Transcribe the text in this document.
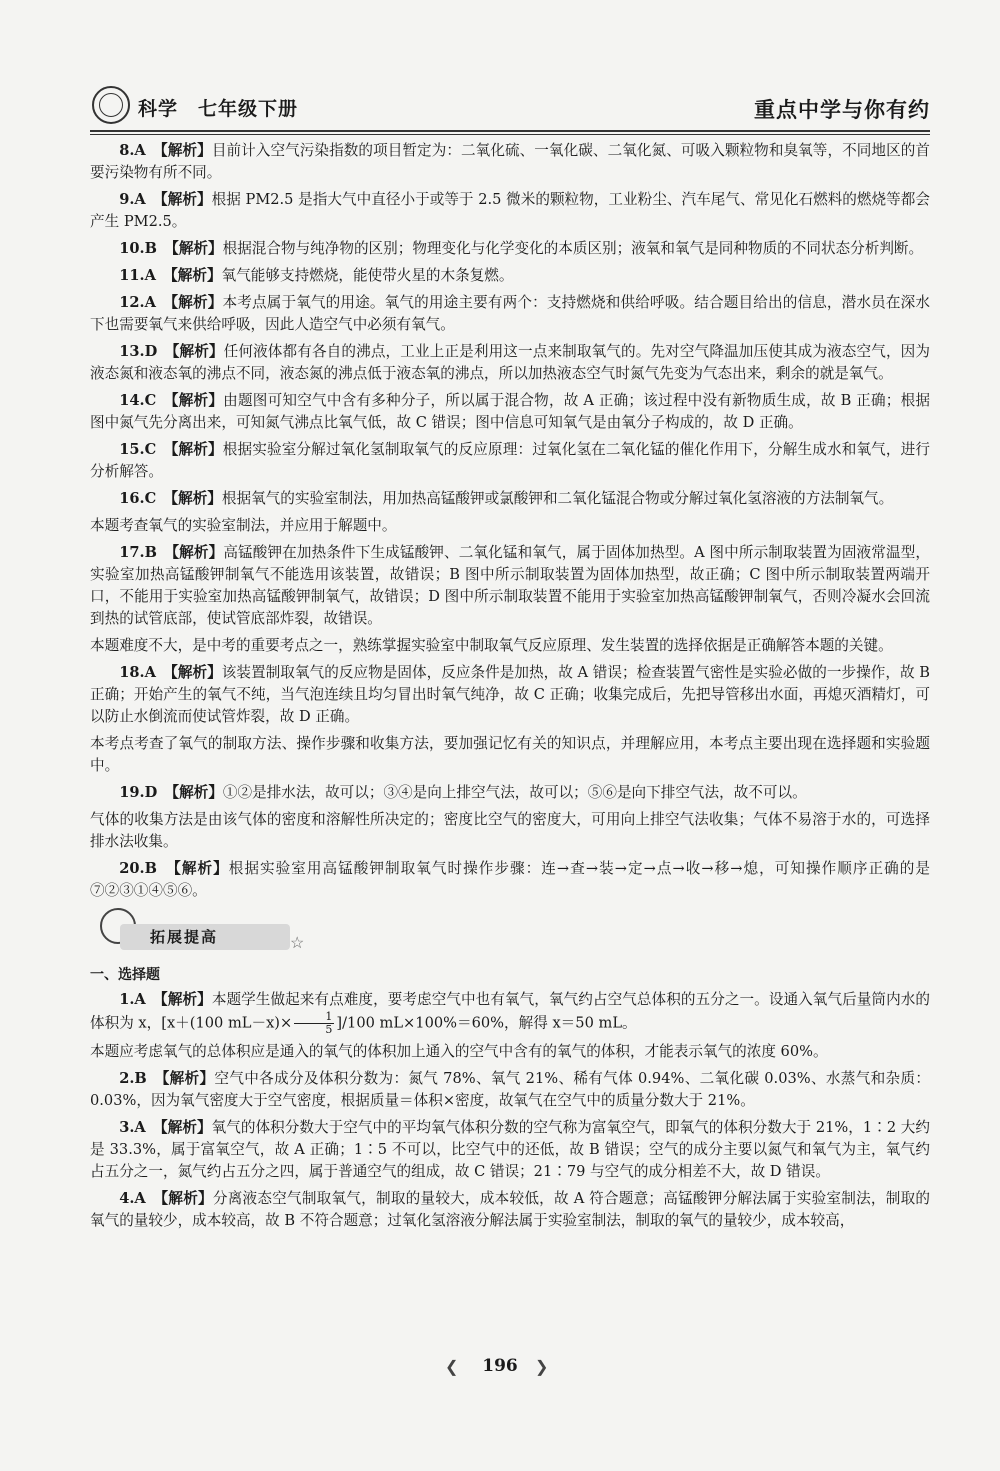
科学　七年级下册	重点中学与你有约

8.A　 【解析】目前计入空气污染指数的项目暂定为：二氧化硫、一氧化碳、二氧化氮、可吸入颗粒物和臭氧等，不同地区的首要污染物有所不同。

9.A　 【解析】根据 PM2.5 是指大气中直径小于或等于 2.5 微米的颗粒物，工业粉尘、汽车尾气、常见化石燃料的燃烧等都会产生 PM2.5。

10.B　 【解析】根据混合物与纯净物的区别；物理变化与化学变化的本质区别；液氧和氧气是同种物质的不同状态分析判断。

11.A　 【解析】氧气能够支持燃烧，能使带火星的木条复燃。

12.A　 【解析】本考点属于氧气的用途。氧气的用途主要有两个：支持燃烧和供给呼吸。结合题目给出的信息，潜水员在深水下也需要氧气来供给呼吸，因此人造空气中必须有氧气。

13.D　 【解析】任何液体都有各自的沸点，工业上正是利用这一点来制取氧气的。先对空气降温加压使其成为液态空气，因为液态氮和液态氧的沸点不同，液态氮的沸点低于液态氧的沸点，所以加热液态空气时氮气先变为气态出来，剩余的就是氧气。

14.C　 【解析】由题图可知空气中含有多种分子，所以属于混合物，故 A 正确；该过程中没有新物质生成，故 B 正确；根据图中氮气先分离出来，可知氮气沸点比氧气低，故 C 错误；图中信息可知氧气是由氧分子构成的，故 D 正确。

15.C　 【解析】根据实验室分解过氧化氢制取氧气的反应原理：过氧化氢在二氧化锰的催化作用下，分解生成水和氧气，进行分析解答。

16.C　 【解析】根据氧气的实验室制法，用加热高锰酸钾或氯酸钾和二氧化锰混合物或分解过氧化氢溶液的方法制氧气。

本题考查氧气的实验室制法，并应用于解题中。

17.B　 【解析】高锰酸钾在加热条件下生成锰酸钾、二氧化锰和氧气，属于固体加热型。A 图中所示制取装置为固液常温型，实验室加热高锰酸钾制氧气不能选用该装置，故错误；B 图中所示制取装置为固体加热型，故正确；C 图中所示制取装置两端开口，不能用于实验室加热高锰酸钾制氧气，故错误；D 图中所示制取装置不能用于实验室加热高锰酸钾制氧气，否则冷凝水会回流到热的试管底部，使试管底部炸裂，故错误。

本题难度不大，是中考的重要考点之一，熟练掌握实验室中制取氧气反应原理、发生装置的选择依据是正确解答本题的关键。

18.A　 【解析】该装置制取氧气的反应物是固体，反应条件是加热，故 A 错误；检查装置气密性是实验必做的一步操作，故 B 正确；开始产生的氧气不纯，当气泡连续且均匀冒出时氧气纯净，故 C 正确；收集完成后，先把导管移出水面，再熄灭酒精灯，可以防止水倒流而使试管炸裂，故 D 正确。

本考点考查了氧气的制取方法、操作步骤和收集方法，要加强记忆有关的知识点，并理解应用，本考点主要出现在选择题和实验题中。

19.D　 【解析】①②是排水法，故可以；③④是向上排空气法，故可以；⑤⑥是向下排空气法，故不可以。

气体的收集方法是由该气体的密度和溶解性所决定的；密度比空气的密度大，可用向上排空气法收集；气体不易溶于水的，可选择排水法收集。

20.B　 【解析】根据实验室用高锰酸钾制取氧气时操作步骤：连→查→装→定→点→收→移→熄，可知操作顺序正确的是⑦②③①④⑤⑥。

拓展提高	☆
一、选择题

1.A　 【解析】本题学生做起来有点难度，要考虑空气中也有氧气，氧气约占空气总体积的五分之一。设通入氧气后量筒内水的体积为 x，[x＋(100 $mL-x)\times \frac{1}{5} ]/100$ mL×100%＝60%，解得 x＝50 mL。

本题应考虑氧气的总体积应是通入的氧气的体积加上通入的空气中含有的氧气的体积，才能表示氧气的浓度 60%。

2.B　 【解析】空气中各成分及体积分数为：氮气 78%、氧气 21%、稀有气体 0.94%、二氧化碳 0.03%、水蒸气和杂质：0.03%，因为氧气密度大于空气密度，根据质量＝体积×密度，故氧气在空气中的质量分数大于 21%。

3.A　 【解析】氧气的体积分数大于空气中的平均氧气体积分数的空气称为富氧空气，即氧气的体积分数大于 21%，1∶2 大约是 33.3%，属于富氧空气，故 A 正确；1∶5 不可以，比空气中的还低，故 B 错误；空气的成分主要以氮气和氧气为主，氧气约占五分之一，氮气约占五分之四，属于普通空气的组成，故 C 错误；21∶79 与空气的成分相差不大，故 D 错误。

4.A　 【解析】分离液态空气制取氧气，制取的量较大，成本较低，故 A 符合题意；高锰酸钾分解法属于实验室制法，制取的氧气的量较少，成本较高，故 B 不符合题意；过氧化氢溶液分解法属于实验室制法，制取的氧气的量较少，成本较高，

❮	196	❯
